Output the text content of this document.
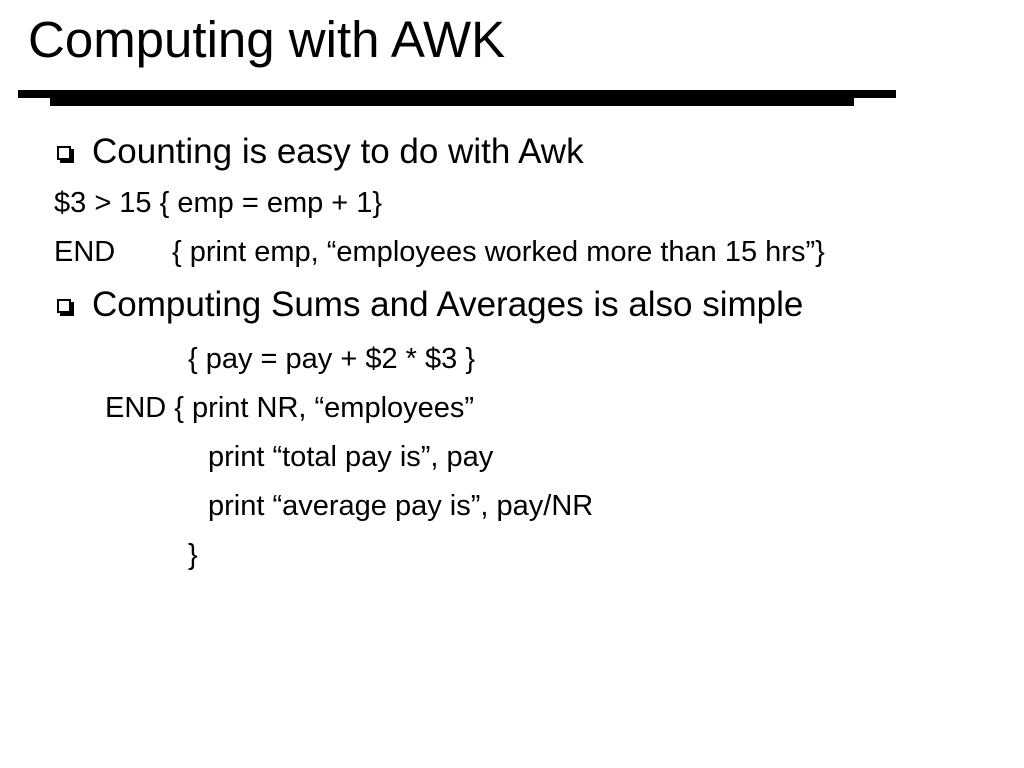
Computing with AWK
Counting is easy to do with Awk
$3 > 15 { emp = emp + 1}
END { print emp, “employees worked more than 15 hrs”}
Computing Sums and Averages is also simple
{ pay = pay + $2 * $3 }
END { print NR, “employees”
print “total pay is”, pay
print “average pay is”, pay/NR
}
